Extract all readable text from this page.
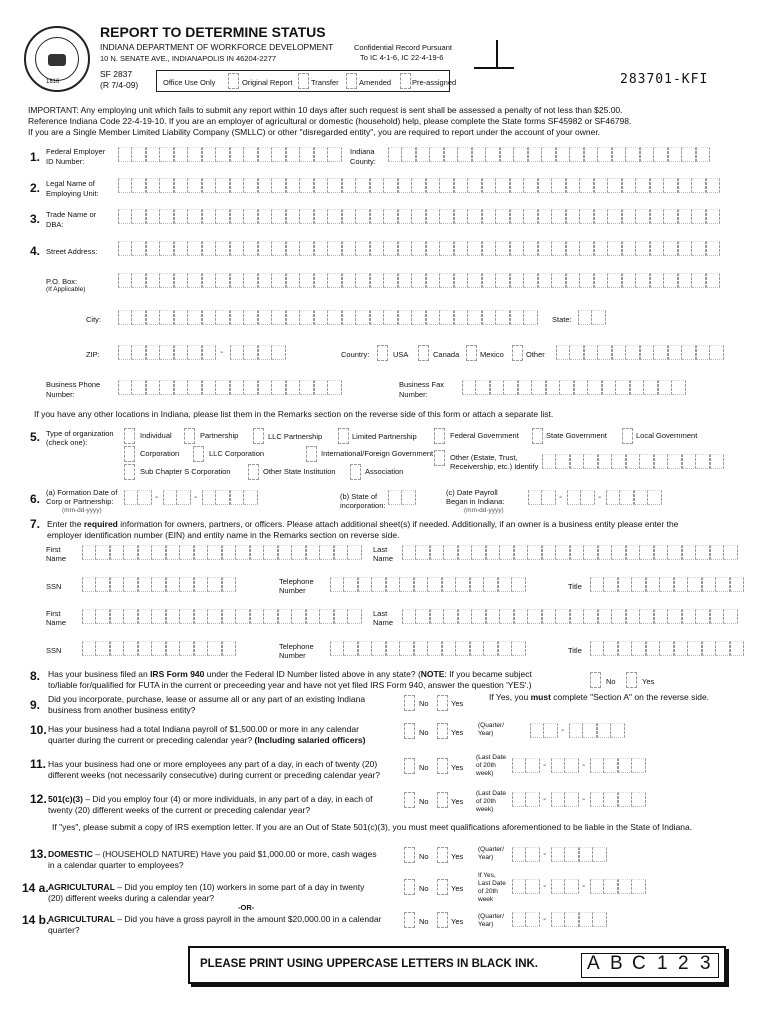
1816
REPORT TO DETERMINE STATUS
INDIANA DEPARTMENT OF WORKFORCE DEVELOPMENT
10 N. SENATE AVE., INDIANAPOLIS IN 46204-2277
Confidential Record Pursuant
To IC 4-1-6, IC 22-4-19-6
SF 2837
(R 7/4-09)	Office Use Only	Original Report Transfer	Amended	Pre-assigned	283701-KFI
IMPORTANT: Any employing unit which fails to submit any report within 10 days after such request is sent shall be assessed a penalty of not less than $25.00.
Reference Indiana Code 22-4-19-10. If you are an employer of agricultural or domestic (household) help, please complete the State forms SF45982 or SF46798.
If you are a Single Member Limited Liability Company (SMLLC) or other "disregarded entity", you are required to report under the account of your owner.
1. Federal Employer
ID Number:
Indiana
County:
2. Legal Name of
Employing Unit:
3. Trade Name or
DBA:
4. Street Address:
P.O. Box:
(If Applicable)
City:	State:
ZIP:	-	Country:	USA	Canada	Mexico	Other
Business Phone
Number:
Business Fax
Number:
If you have any other locations in Indiana, please list them in the Remarks section on the reverse side of this form or attach a separate list.
5. Type of organization
(check one):
Individual	Partnership	LLC Partnership	Limited Partnership	Federal Government	State Government	Local Government
Corporation	LLC Corporation	International/Foreign Government Other (Estate, Trust,
Receivership, etc.) Identify
Sub Chapter S Corporation	Other State Institution	Association
6. (a) Formation Date of
Corp or Partnership:
(mm-dd-yyyy)
-	-	(b) State of
incorporation:
(c) Date Payroll
Began in Indiana:
(mm-dd-yyyy)
-	-
7. Enter the required information for owners, partners, or officers. Please attach additional sheet(s) if needed. Additionally, if an owner is a business entity please enter the
employer identification number (EIN) and entity name in the Remarks section on reverse side.
First
Name
Last
Name
SSN
Telephone
Number	Title
First
Name
Last
Name
SSN	Telephone
Number
Title
8. Has your business filed an IRS Form 940 under the Federal ID Number listed above in any state? (NOTE: If you became subject
to/liable for/qualified for FUTA in the current or preceeding year and have not yet filed IRS Form 940, answer the question 'YES'.)	No	Yes
9. Did you incorporate, purchase, lease or assume all or any part of an existing Indiana
business from another business entity?
No	Yes
If Yes, you must complete "Section A" on the reverse side.
10. Has your business had a total Indiana payroll of $1,500.00 or more in any calendar
quarter during the current or preceding calendar year? (Including salaried officers)
No	Yes
(Quarter/
Year)	-
11. Has your business had one or more employees any part of a day, in each of twenty (20)
different weeks (not necessarily consecutive) during current or preceding calendar year?
No	Yes
(Last Date
of 20th
week)
-	-
12. 501(c)(3) – Did you employ four (4) or more individuals, in any part of a day, in each of
twenty (20) different weeks of the current or preceding calendar year?
No	Yes
(Last Date
of 20th
week)
-	-
If "yes", please submit a copy of IRS exemption letter. If you are an Out of State 501(c)(3), you must meet qualifications aforementioned to be liable in the State of Indiana.
13. DOMESTIC – (HOUSEHOLD NATURE) Have you paid $1,000.00 or more, cash wages
in a calendar quarter to employees?
No	Yes
(Quarter/
Year)	-
14 a. AGRICULTURAL – Did you employ ten (10) workers in some part of a day in twenty
(20) different weeks during a calendar year?
No	Yes
If Yes,
Last Date
of 20th
week
-	-
-OR-
14 b.
AGRICULTURAL – Did you have a gross payroll in the amount $20,000.00 in a calendar
quarter?
No	Yes
(Quarter/
Year)	-
PLEASE PRINT USING UPPERCASE LETTERS IN BLACK INK.	A B C 1 2 3
